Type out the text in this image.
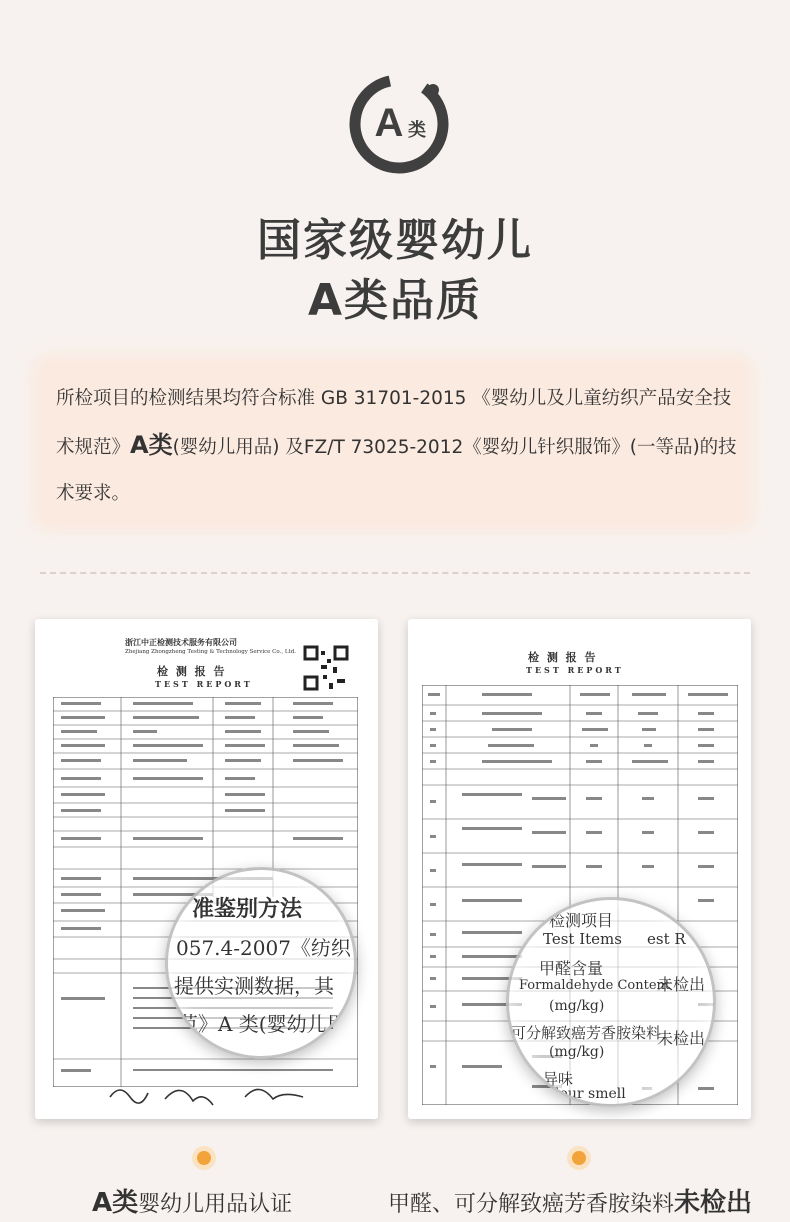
A 类
国家级婴幼儿
A类品质
所检项目的检测结果均符合标准 GB 31701-2015 《婴幼儿及儿童纺织产品安全技术规范》A类(婴幼儿用品) 及FZ/T 73025-2012《婴幼儿针织服饰》(一等品)的技术要求。
浙江中正检测技术服务有限公司
Zhejiang Zhongzheng Testing & Technology Service Co., Ltd.
检 测 报 告
TEST REPORT
准鉴别方法
057.4-2007《纺织
提供实测数据，其
范》A 类(婴幼儿用
检 测 报 告
TEST REPORT
检测项目
Test Items est R
甲醛含量
Formaldehyde Content
未检出
(mg/kg)
可分解致癌芳香胺染料
未检出
(mg/kg)
异味
Odour smell
A类婴幼儿用品认证	甲醛、可分解致癌芳香胺染料未检出
